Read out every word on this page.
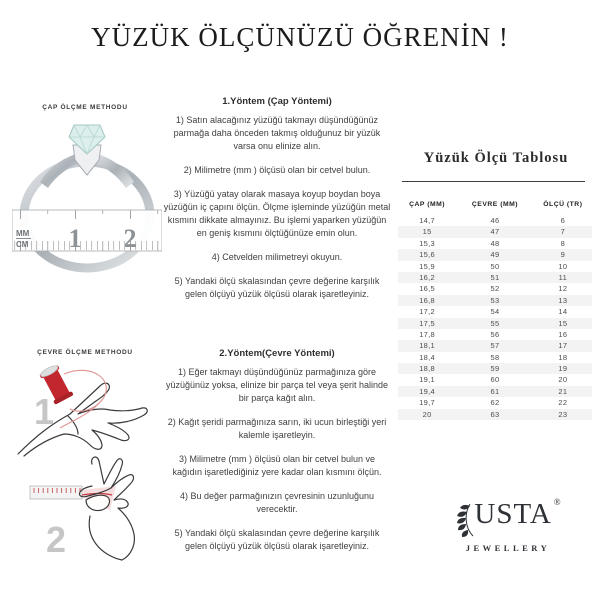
YÜZÜK ÖLÇÜNÜZÜ ÖĞRENİN !
ÇAP ÖLÇME METHODU
1 2
MM
CM
ÇEVRE ÖLÇME METHODU
1
2
1.Yöntem (Çap Yöntemi)

1) Satın alacağınız yüzüğü takmayı düşündüğünüz parmağa daha önceden takmış olduğunuz bir yüzük varsa onu elinize alın.

2) Milimetre (mm ) ölçüsü olan bir cetvel bulun.

3) Yüzüğü yatay olarak masaya koyup boydan boya yüzüğün iç çapını ölçün. Ölçme işleminde yüzüğün metal kısmını dikkate almayınız. Bu işlemi yaparken yüzüğün en geniş kısmını ölçtüğünüze emin olun.

4) Cetvelden milimetreyi okuyun.

5) Yandaki ölçü skalasından çevre değerine karşılık gelen ölçüyü yüzük ölçüsü olarak işaretleyiniz.

2.Yöntem(Çevre Yöntemi)

1) Eğer takmayı düşündüğünüz parmağınıza göre yüzüğünüz yoksa, elinize bir parça tel veya şerit halinde bir parça kağıt alın.

2) Kağıt şeridi parmağınıza sarın, iki ucun birleştiği yeri kalemle işaretleyin.

3) Milimetre (mm ) ölçüsü olan bir cetvel bulun ve kağıdın işaretlediğiniz yere kadar olan kısmını ölçün.

4) Bu değer parmağınızın çevresinin uzunluğunu verecektir.

5) Yandaki ölçü skalasından çevre değerine karşılık gelen ölçüyü yüzük ölçüsü olarak işaretleyiniz.

Yüzük Ölçü Tablosu
ÇAP (MM)	ÇEVRE (MM)	ÖLÇÜ (TR)
14,7	46	6
15	47	7
15,3	48	8
15,6	49	9
15,9	50	10
16,2	51	11
16,5	52	12
16,8	53	13
17,2	54	14
17,5	55	15
17,8	56	16
18,1	57	17
18,4	58	18
18,8	59	19
19,1	60	20
19,4	61	21
19,7	62	22
20	63	23
USTA ®
JEWELLERY
